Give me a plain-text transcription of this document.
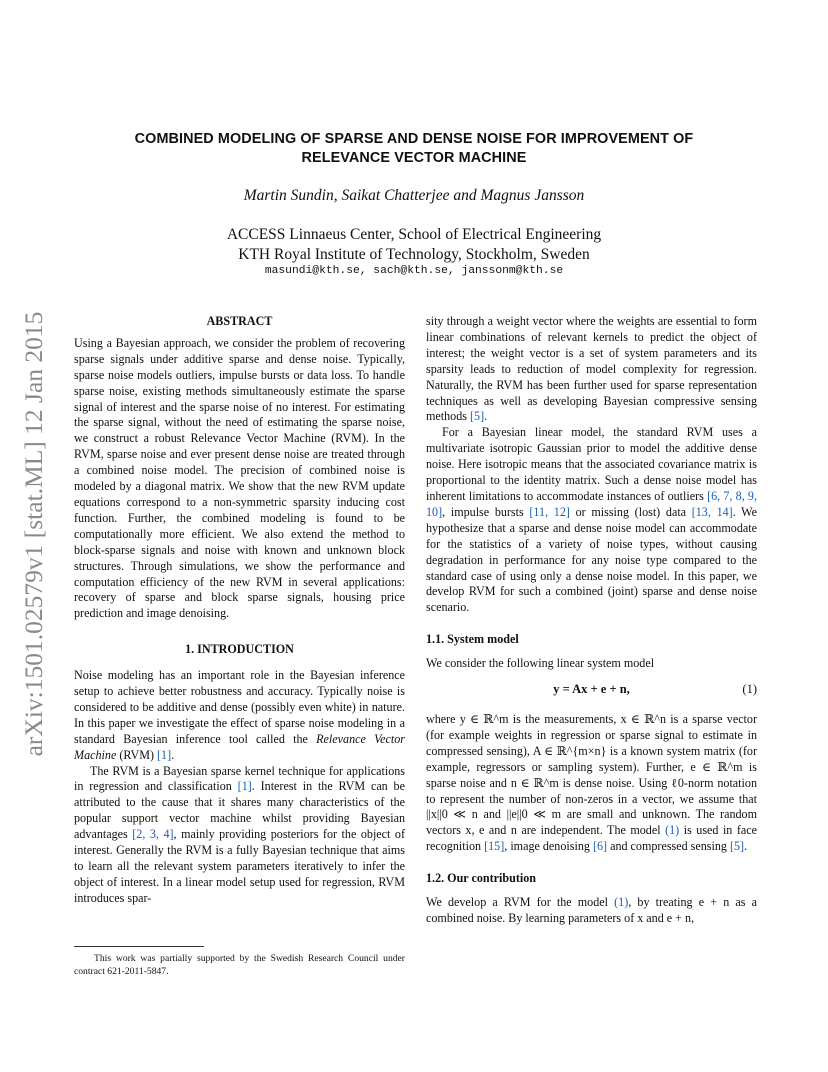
arXiv:1501.02579v1 [stat.ML] 12 Jan 2015
COMBINED MODELING OF SPARSE AND DENSE NOISE FOR IMPROVEMENT OF
RELEVANCE VECTOR MACHINE
Martin Sundin, Saikat Chatterjee and Magnus Jansson
ACCESS Linnaeus Center, School of Electrical Engineering
KTH Royal Institute of Technology, Stockholm, Sweden
masundi@kth.se, sach@kth.se, janssonm@kth.se

ABSTRACT

Using a Bayesian approach, we consider the problem of recovering sparse signals under additive sparse and dense noise. Typically, sparse noise models outliers, impulse bursts or data loss. To handle sparse noise, existing methods simultaneously estimate the sparse signal of interest and the sparse noise of no interest. For estimating the sparse signal, without the need of estimating the sparse noise, we construct a robust Relevance Vector Machine (RVM). In the RVM, sparse noise and ever present dense noise are treated through a combined noise model. The precision of combined noise is modeled by a diagonal matrix. We show that the new RVM update equations correspond to a non-symmetric sparsity inducing cost function. Further, the combined modeling is found to be computationally more efficient. We also extend the method to block-sparse signals and noise with known and unknown block structures. Through simulations, we show the performance and computation efficiency of the new RVM in several applications: recovery of sparse and block sparse signals, housing price prediction and image denoising.

1. INTRODUCTION

Noise modeling has an important role in the Bayesian inference setup to achieve better robustness and accuracy. Typically noise is considered to be additive and dense (possibly even white) in nature. In this paper we investigate the effect of sparse noise modeling in a standard Bayesian inference tool called the Relevance Vector Machine (RVM) [1].

The RVM is a Bayesian sparse kernel technique for applications in regression and classification [1]. Interest in the RVM can be attributed to the cause that it shares many characteristics of the popular support vector machine whilst providing Bayesian advantages [2, 3, 4], mainly providing posteriors for the object of interest. Generally the RVM is a fully Bayesian technique that aims to learn all the relevant system parameters iteratively to infer the object of interest. In a linear model setup used for regression, RVM introduces spar-

sity through a weight vector where the weights are essential to form linear combinations of relevant kernels to predict the object of interest; the weight vector is a set of system parameters and its sparsity leads to reduction of model complexity for regression. Naturally, the RVM has been further used for sparse representation techniques as well as developing Bayesian compressive sensing methods [5].

For a Bayesian linear model, the standard RVM uses a multivariate isotropic Gaussian prior to model the additive dense noise. Here isotropic means that the associated covariance matrix is proportional to the identity matrix. Such a dense noise model has inherent limitations to accommodate instances of outliers [6, 7, 8, 9, 10], impulse bursts [11, 12] or missing (lost) data [13, 14]. We hypothesize that a sparse and dense noise model can accommodate for the statistics of a variety of noise types, without causing degradation in performance for any noise type compared to the standard case of using only a dense noise model. In this paper, we develop RVM for such a combined (joint) sparse and dense noise scenario.

1.1. System model

We consider the following linear system model

y = Ax + e + n,	(1)

where y ∈ ℝ^m is the measurements, x ∈ ℝ^n is a sparse vector (for example weights in regression or sparse signal to estimate in compressed sensing), A ∈ ℝ^{m×n} is a known system matrix (for example, regressors or sampling system). Further, e ∈ ℝ^m is sparse noise and n ∈ ℝ^m is dense noise. Using ℓ0-norm notation to represent the number of non-zeros in a vector, we assume that ||x||0 ≪ n and ||e||0 ≪ m are small and unknown. The random vectors x, e and n are independent. The model (1) is used in face recognition [15], image denoising [6] and compressed sensing [5].

1.2. Our contribution

We develop a RVM for the model (1), by treating e + n as a combined noise. By learning parameters of x and e + n,

This work was partially supported by the Swedish Research Council under contract 621-2011-5847.
